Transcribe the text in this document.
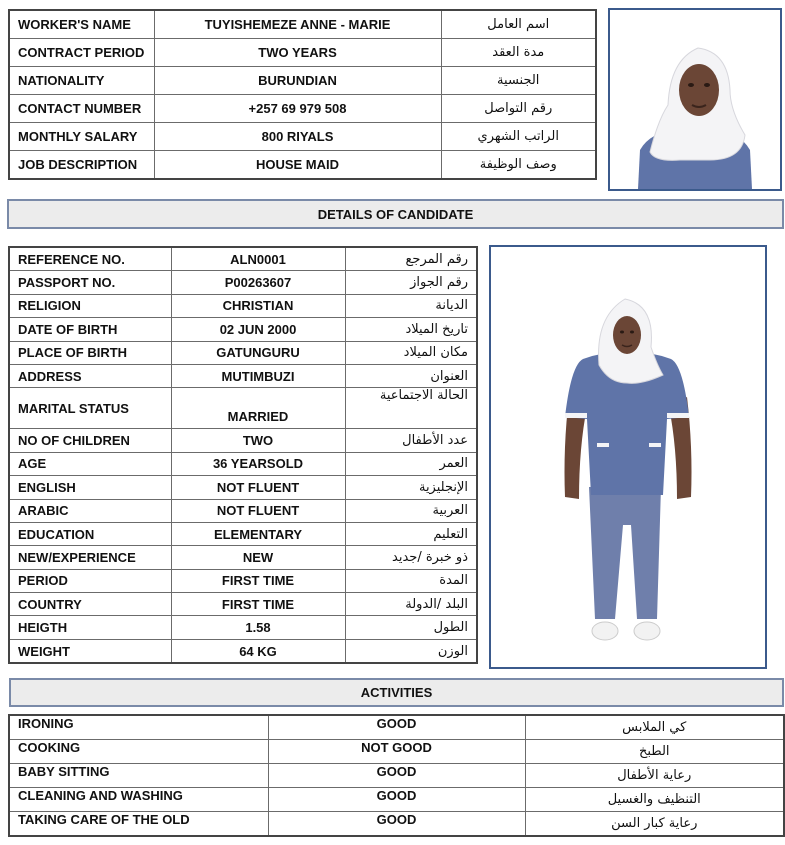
WORKER'S NAME	TUYISHEMEZE ANNE - MARIE	اسم العامل
CONTRACT PERIOD	TWO YEARS	مدة العقد
NATIONALITY	BURUNDIAN	الجنسية
CONTACT NUMBER	+257 69 979 508	رقم التواصل
MONTHLY SALARY	800 RIYALS	الراتب الشهري
JOB DESCRIPTION	HOUSE MAID	وصف الوظيفة
DETAILS OF CANDIDATE
REFERENCE NO.	ALN0001	رقم المرجع
PASSPORT NO.	P00263607	رقم الجواز
RELIGION	CHRISTIAN	الديانة
DATE OF BIRTH	02 JUN 2000	تاريخ الميلاد
PLACE OF BIRTH	GATUNGURU	مكان الميلاد
ADDRESS	MUTIMBUZI	العنوان
MARITAL STATUS	MARRIED	الحالة الاجتماعية
NO OF CHILDREN	TWO	عدد الأطفال
AGE	36 YEARSOLD	العمر
ENGLISH	NOT FLUENT	الإنجليزية
ARABIC	NOT FLUENT	العربية
EDUCATION	ELEMENTARY	التعليم
NEW/EXPERIENCE	NEW	ذو خبرة /جديد
PERIOD	FIRST TIME	المدة
COUNTRY	FIRST TIME	البلد /الدولة
HEIGTH	1.58	الطول
WEIGHT	64 KG	الوزن
ACTIVITIES
IRONING	GOOD	كي الملابس
COOKING	NOT GOOD	الطبخ
BABY SITTING	GOOD	رعاية الأطفال
CLEANING AND WASHING	GOOD	التنظيف والغسيل
TAKING CARE OF THE OLD	GOOD	رعاية كبار السن
